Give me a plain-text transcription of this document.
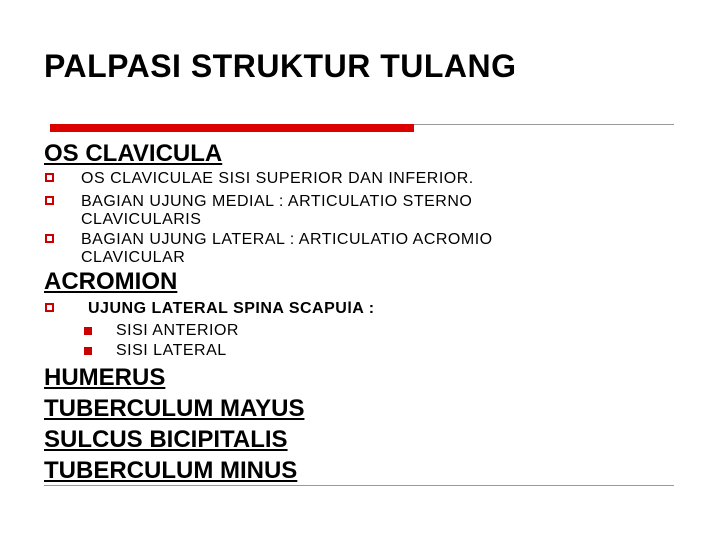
PALPASI STRUKTUR TULANG
OS CLAVICULA
OS CLAVICULAE SISI SUPERIOR DAN INFERIOR.
BAGIAN UJUNG MEDIAL : ARTICULATIO STERNO CLAVICULARIS
BAGIAN UJUNG LATERAL : ARTICULATIO ACROMIO CLAVICULAR
ACROMION
UJUNG LATERAL SPINA SCAPUlA :
SISI ANTERIOR
SISI LATERAL
HUMERUS
TUBERCULUM MAYUS
SULCUS BICIPITALIS
TUBERCULUM MINUS
